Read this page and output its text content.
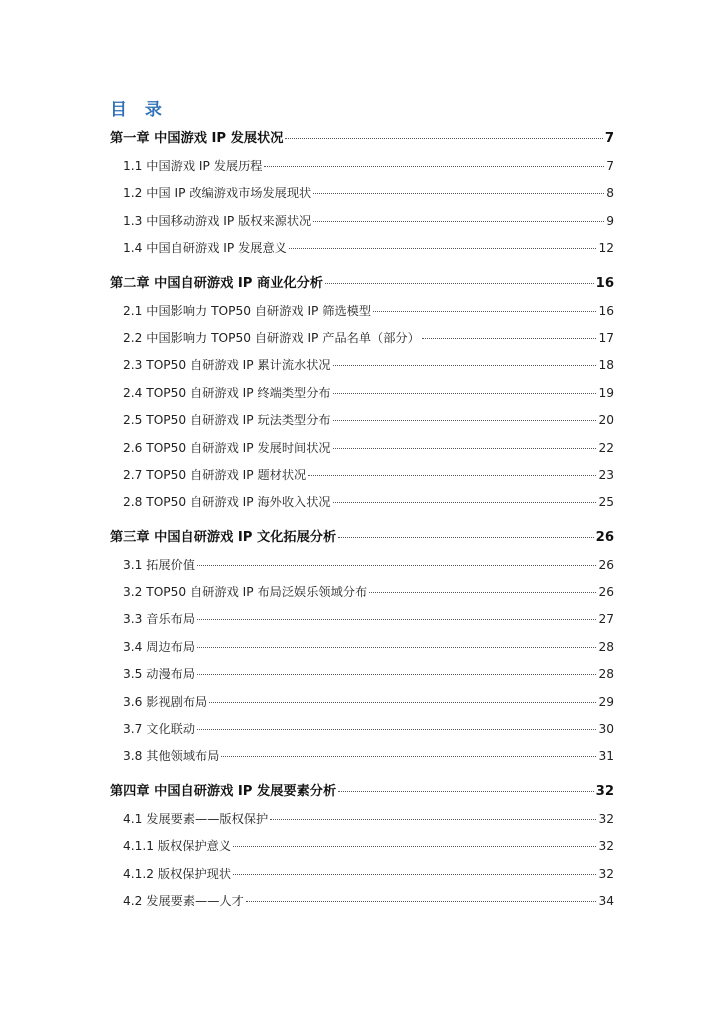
目 录
第一章 中国游戏 IP 发展状况	7
1.1 中国游戏 IP 发展历程	7
1.2 中国 IP 改编游戏市场发展现状	8
1.3 中国移动游戏 IP 版权来源状况	9
1.4 中国自研游戏 IP 发展意义	12
第二章 中国自研游戏 IP 商业化分析	16
2.1 中国影响力 TOP50 自研游戏 IP 筛选模型	16
2.2 中国影响力 TOP50 自研游戏 IP 产品名单（部分）	17
2.3 TOP50 自研游戏 IP 累计流水状况	18
2.4 TOP50 自研游戏 IP 终端类型分布	19
2.5 TOP50 自研游戏 IP 玩法类型分布	20
2.6 TOP50 自研游戏 IP 发展时间状况	22
2.7 TOP50 自研游戏 IP 题材状况	23
2.8 TOP50 自研游戏 IP 海外收入状况	25
第三章 中国自研游戏 IP 文化拓展分析	26
3.1 拓展价值	26
3.2 TOP50 自研游戏 IP 布局泛娱乐领域分布	26
3.3 音乐布局	27
3.4 周边布局	28
3.5 动漫布局	28
3.6 影视剧布局	29
3.7 文化联动	30
3.8 其他领域布局	31
第四章 中国自研游戏 IP 发展要素分析	32
4.1 发展要素——版权保护	32
4.1.1 版权保护意义	32
4.1.2 版权保护现状	32
4.2 发展要素——人才	34
